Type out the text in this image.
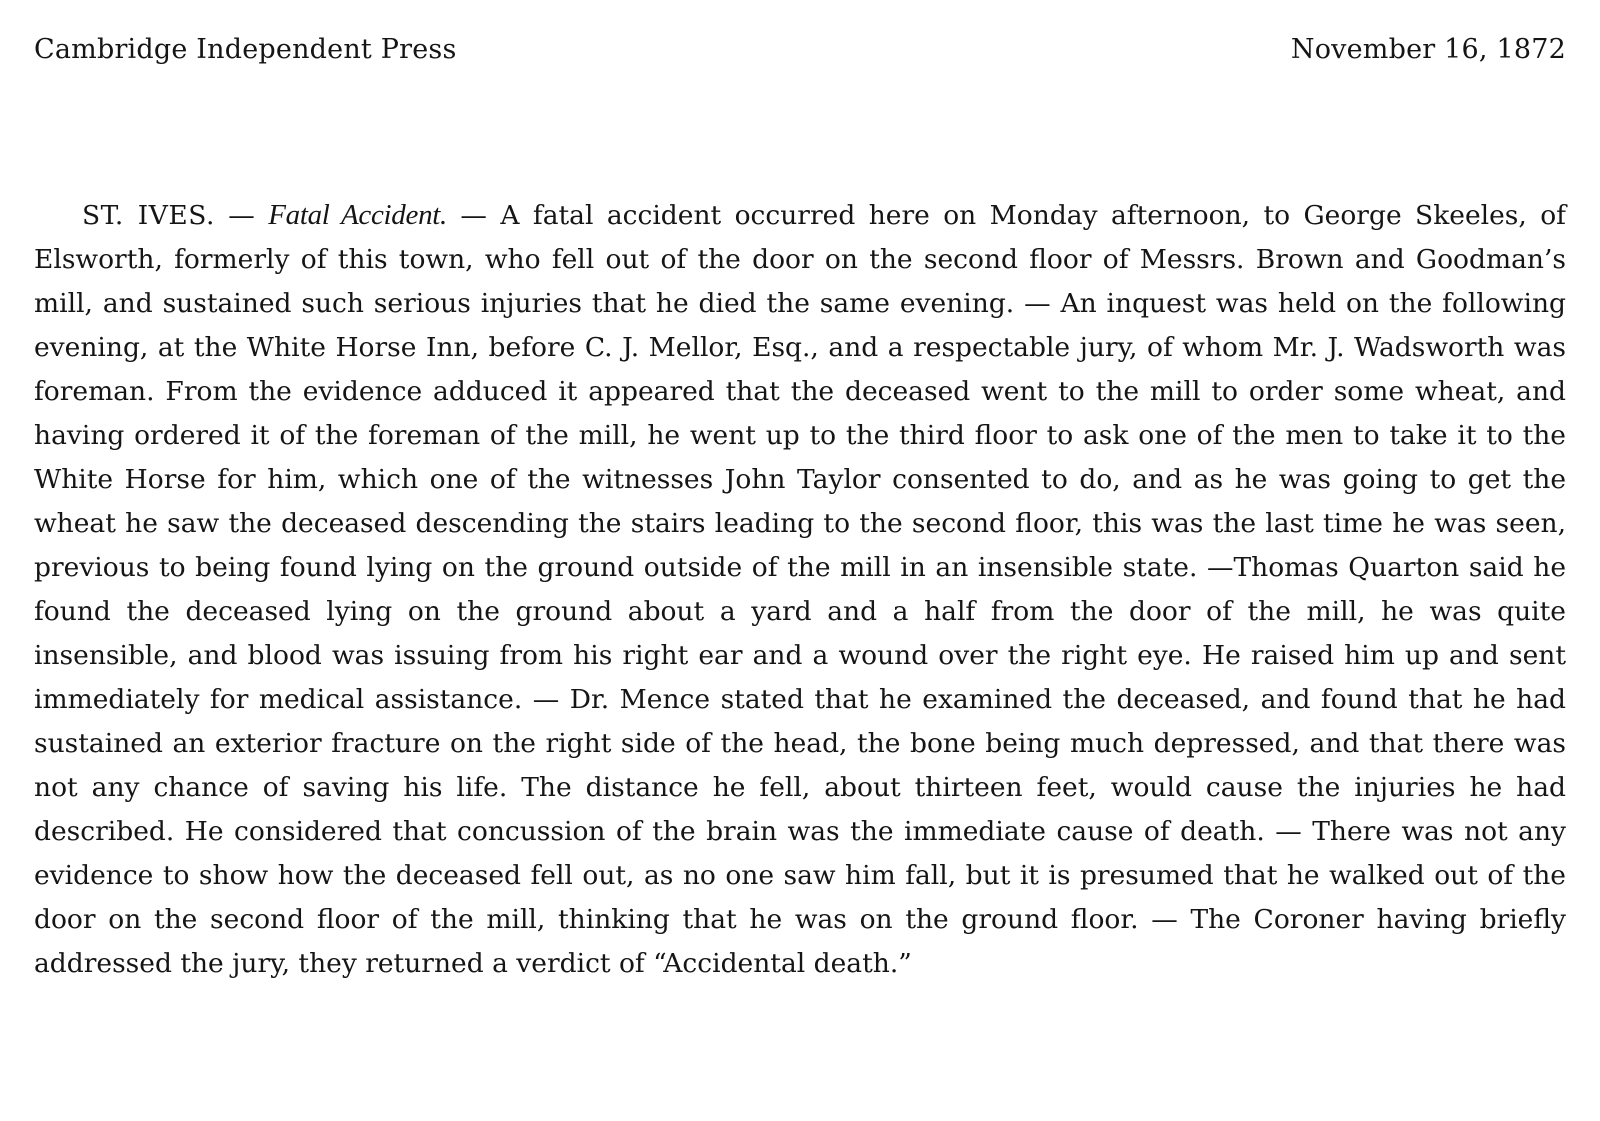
Cambridge Independent Press	November 16, 1872

ST. IVES. — Fatal Accident. — A fatal accident occurred here on Monday afternoon, to George Skeeles, of Elsworth, formerly of this town, who fell out of the door on the second floor of Messrs. Brown and Goodman’s mill, and sustained such serious injuries that he died the same evening. — An inquest was held on the following evening, at the White Horse Inn, before C. J. Mellor, Esq., and a respectable jury, of whom Mr. J. Wadsworth was foreman. From the evidence adduced it appeared that the deceased went to the mill to order some wheat, and having ordered it of the foreman of the mill, he went up to the third floor to ask one of the men to take it to the White Horse for him, which one of the witnesses John Taylor consented to do, and as he was going to get the wheat he saw the deceased descending the stairs leading to the second floor, this was the last time he was seen, previous to being found lying on the ground outside of the mill in an insensible state. —Thomas Quarton said he found the deceased lying on the ground about a yard and a half from the door of the mill, he was quite insensible, and blood was issuing from his right ear and a wound over the right eye. He raised him up and sent immediately for medical assistance. — Dr. Mence stated that he examined the deceased, and found that he had sustained an exterior fracture on the right side of the head, the bone being much depressed, and that there was not any chance of saving his life. The distance he fell, about thirteen feet, would cause the injuries he had described. He considered that concussion of the brain was the immediate cause of death. — There was not any evidence to show how the deceased fell out, as no one saw him fall, but it is presumed that he walked out of the door on the second floor of the mill, thinking that he was on the ground floor. — The Coroner having briefly addressed the jury, they returned a verdict of “Accidental death.”
